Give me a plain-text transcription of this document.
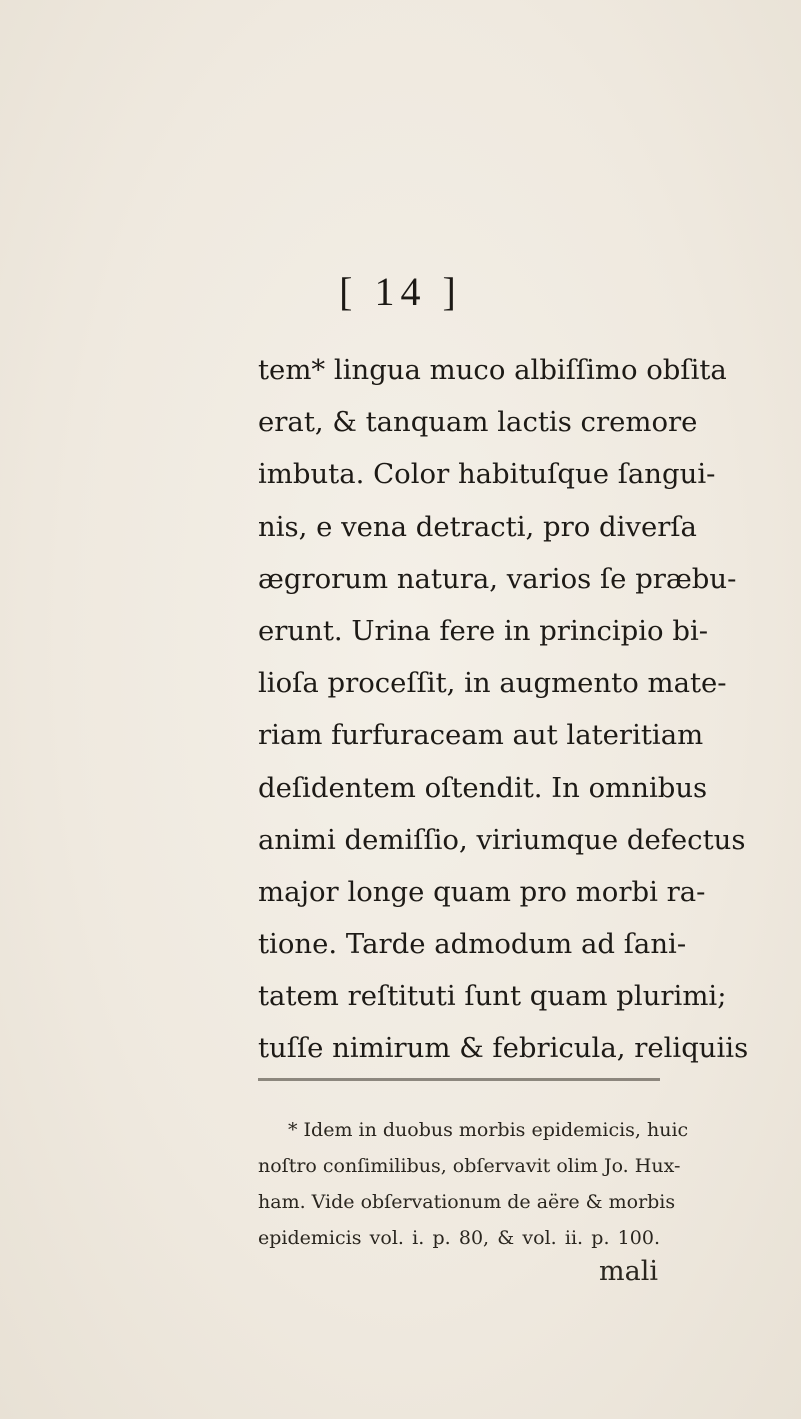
[ 14 ]
tem* lingua muco albiſſimo obſita
erat, & tanquam lactis cremore
imbuta. Color habituſque ſangui-
nis, e vena detracti, pro diverſa
ægrorum natura, varios ſe præbu-
erunt. Urina fere in principio bi-
lioſa proceſſit, in augmento mate-
riam furfuraceam aut lateritiam
deſidentem oſtendit. In omnibus
animi demiſſio, viriumque defectus
major longe quam pro morbi ra-
tione. Tarde admodum ad ſani-
tatem reſtituti ſunt quam plurimi;
tuſſe nimirum & febricula, reliquiis
* Idem in duobus morbis epidemicis, huic
noſtro conſimilibus, obſervavit olim Jo. Hux-
ham. Vide obſervationum de aëre & morbis
epidemicis vol. i. p. 80, & vol. ii. p. 100.
mali
